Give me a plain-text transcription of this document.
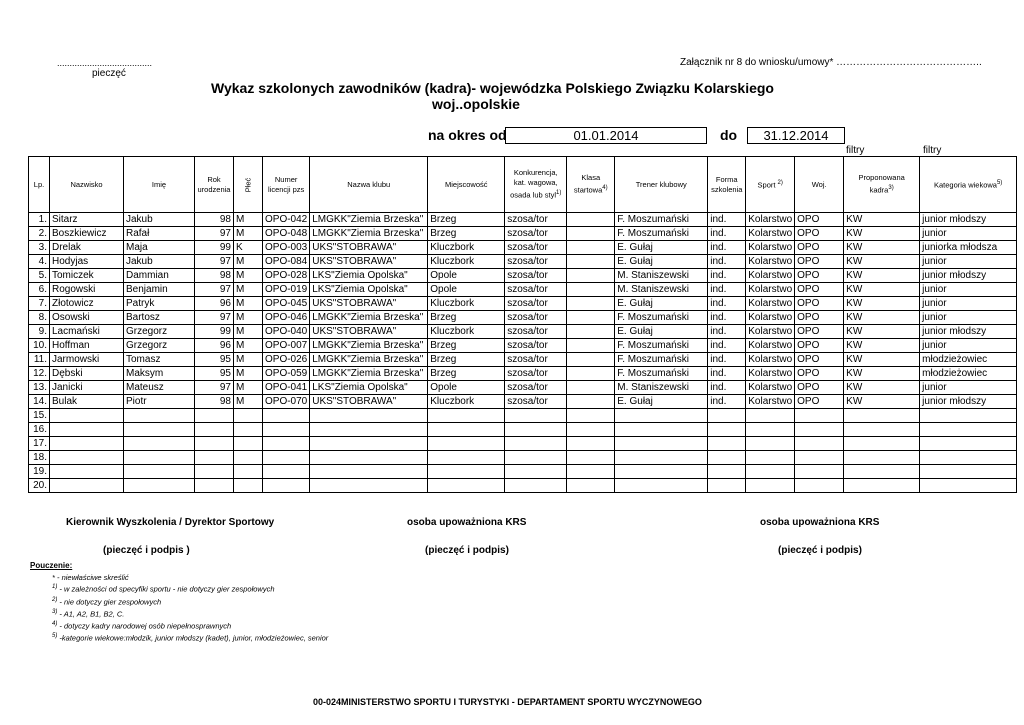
......................................
pieczęć
Załącznik nr 8 do wniosku/umowy* ……………………………………..
Wykaz szkolonych zawodników (kadra)- wojewódzka Polskiego Związku Kolarskiego
woj..opolskie
na okres od	01.01.2014	do	31.12.2014
filtry	filtry
Lp.	Nazwisko	Imię	Rok urodzenia	Płeć	Numer licencji pzs	Nazwa klubu	Miejscowość	Konkurencja, kat. wagowa, osada lub styl$^{1)}$	Klasa startowa$^{4)}$	Trener klubowy	Forma szkolenia	Sport $^{2)}$	Woj.	Proponowana kadra$^{3)}$	Kategoria wiekowa$^{5)}$
1.	Sitarz	Jakub	98	M	OPO-042	LMGKK"Ziemia Brzeska"	Brzeg	szosa/tor		F. Moszumański	ind.	Kolarstwo	OPO	KW	junior młodszy
2.	Boszkiewicz	Rafał	97	M	OPO-048	LMGKK"Ziemia Brzeska"	Brzeg	szosa/tor		F. Moszumański	ind.	Kolarstwo	OPO	KW	junior
3.	Drelak	Maja	99	K	OPO-003	UKS"STOBRAWA"	Kluczbork	szosa/tor		E. Gułaj	ind.	Kolarstwo	OPO	KW	juniorka młodsza
4.	Hodyjas	Jakub	97	M	OPO-084	UKS"STOBRAWA"	Kluczbork	szosa/tor		E. Gułaj	ind.	Kolarstwo	OPO	KW	junior
5.	Tomiczek	Dammian	98	M	OPO-028	LKS"Ziemia Opolska"	Opole	szosa/tor		M. Staniszewski	ind.	Kolarstwo	OPO	KW	junior młodszy
6.	Rogowski	Benjamin	97	M	OPO-019	LKS"Ziemia Opolska"	Opole	szosa/tor		M. Staniszewski	ind.	Kolarstwo	OPO	KW	junior
7.	Złotowicz	Patryk	96	M	OPO-045	UKS"STOBRAWA"	Kluczbork	szosa/tor		E. Gułaj	ind.	Kolarstwo	OPO	KW	junior
8.	Osowski	Bartosz	97	M	OPO-046	LMGKK"Ziemia Brzeska"	Brzeg	szosa/tor		F. Moszumański	ind.	Kolarstwo	OPO	KW	junior
9.	Lacmański	Grzegorz	99	M	OPO-040	UKS"STOBRAWA"	Kluczbork	szosa/tor		E. Gułaj	ind.	Kolarstwo	OPO	KW	junior młodszy
10.	Hoffman	Grzegorz	96	M	OPO-007	LMGKK"Ziemia Brzeska"	Brzeg	szosa/tor		F. Moszumański	ind.	Kolarstwo	OPO	KW	junior
11.	Jarmowski	Tomasz	95	M	OPO-026	LMGKK"Ziemia Brzeska"	Brzeg	szosa/tor		F. Moszumański	ind.	Kolarstwo	OPO	KW	młodzieżowiec
12.	Dębski	Maksym	95	M	OPO-059	LMGKK"Ziemia Brzeska"	Brzeg	szosa/tor		F. Moszumański	ind.	Kolarstwo	OPO	KW	młodzieżowiec
13.	Janicki	Mateusz	97	M	OPO-041	LKS"Ziemia Opolska"	Opole	szosa/tor		M. Staniszewski	ind.	Kolarstwo	OPO	KW	junior
14.	Bulak	Piotr	98	M	OPO-070	UKS"STOBRAWA"	Kluczbork	szosa/tor		E. Gułaj	ind.	Kolarstwo	OPO	KW	junior młodszy
15.															
16.															
17.															
18.															
19.															
20.															
Kierownik Wyszkolenia / Dyrektor Sportowy
(pieczęć i podpis )
osoba upoważniona KRS
(pieczęć i podpis)
osoba upoważniona KRS
(pieczęć i podpis)
Pouczenie:
* - niewłaściwe skreślić
$^{1)}$ - w zależności od specyfiki sportu - nie dotyczy gier zespołowych
$^{2)}$ - nie dotyczy gier zespołowych
$^{3)}$ - A1, A2, B1, B2, C.
$^{4)}$ - dotyczy kadry narodowej osób niepełnosprawnych
$^{5)}$ -kategorie wiekowe:młodzik, junior młodszy (kadet), junior, młodzieżowiec, senior
00-024MINISTERSTWO SPORTU I TURYSTYKI - DEPARTAMENT SPORTU WYCZYNOWEGO
